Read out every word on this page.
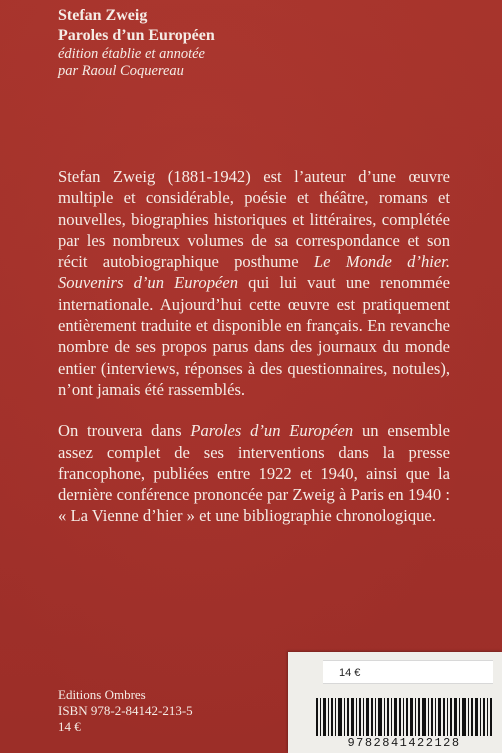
Stefan Zweig
Paroles d’un Européen
édition établie et annotée
par Raoul Coquereau

Stefan Zweig (1881-1942) est l’auteur d’une œuvre multiple et considérable, poésie et théâtre, romans et nouvelles, biographies historiques et littéraires, complétée par les nombreux volumes de sa correspondance et son récit autobiographique posthume Le Monde d’hier. Souvenirs d’un Européen qui lui vaut une renommée internationale. Aujourd’hui cette œuvre est pratiquement entièrement traduite et disponible en français. En revanche nombre de ses propos parus dans des journaux du monde entier (interviews, réponses à des questionnaires, notules), n’ont jamais été rassemblés.

On trouvera dans Paroles d’un Européen un ensemble assez complet de ses interventions dans la presse francophone, publiées entre 1922 et 1940, ainsi que la dernière conférence prononcée par Zweig à Paris en 1940 : « La Vienne d’hier » et une bibliographie chronologique.

Editions Ombres
ISBN 978-2-84142-213-5
14 €
14 €
9782841422128
